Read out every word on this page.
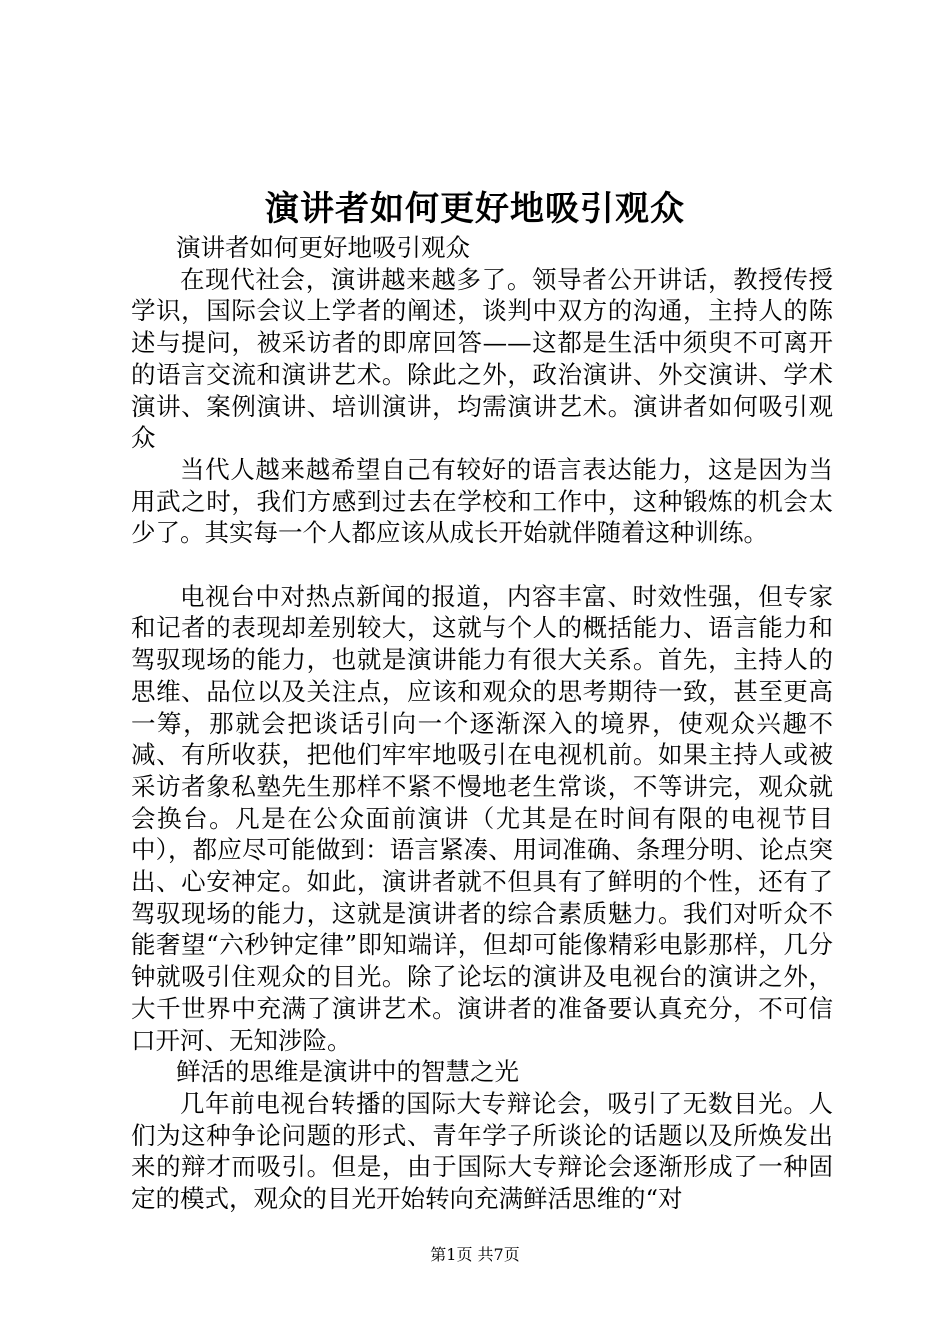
演讲者如何更好地吸引观众

演讲者如何更好地吸引观众

在现代社会，演讲越来越多了。领导者公开讲话，教授传授学识，国际会议上学者的阐述，谈判中双方的沟通，主持人的陈述与提问，被采访者的即席回答——这都是生活中须臾不可离开的语言交流和演讲艺术。除此之外，政治演讲、外交演讲、学术演讲、案例演讲、培训演讲，均需演讲艺术。演讲者如何吸引观众

当代人越来越希望自己有较好的语言表达能力，这是因为当用武之时，我们方感到过去在学校和工作中，这种锻炼的机会太少了。其实每一个人都应该从成长开始就伴随着这种训练。

电视台中对热点新闻的报道，内容丰富、时效性强，但专家和记者的表现却差别较大，这就与个人的概括能力、语言能力和驾驭现场的能力，也就是演讲能力有很大关系。首先，主持人的思维、品位以及关注点，应该和观众的思考期待一致，甚至更高一筹，那就会把谈话引向一个逐渐深入的境界，使观众兴趣不减、有所收获，把他们牢牢地吸引在电视机前。如果主持人或被采访者象私塾先生那样不紧不慢地老生常谈，不等讲完，观众就会换台。凡是在公众面前演讲（尤其是在时间有限的电视节目中），都应尽可能做到：语言紧凑、用词准确、条理分明、论点突出、心安神定。如此，演讲者就不但具有了鲜明的个性，还有了驾驭现场的能力，这就是演讲者的综合素质魅力。我们对听众不能奢望“六秒钟定律”即知端详，但却可能像精彩电影那样，几分钟就吸引住观众的目光。除了论坛的演讲及电视台的演讲之外，大千世界中充满了演讲艺术。演讲者的准备要认真充分，不可信口开河、无知涉险。

鲜活的思维是演讲中的智慧之光

几年前电视台转播的国际大专辩论会，吸引了无数目光。人们为这种争论问题的形式、青年学子所谈论的话题以及所焕发出来的辩才而吸引。但是，由于国际大专辩论会逐渐形成了一种固定的模式，观众的目光开始转向充满鲜活思维的“对

第1页 共7页
